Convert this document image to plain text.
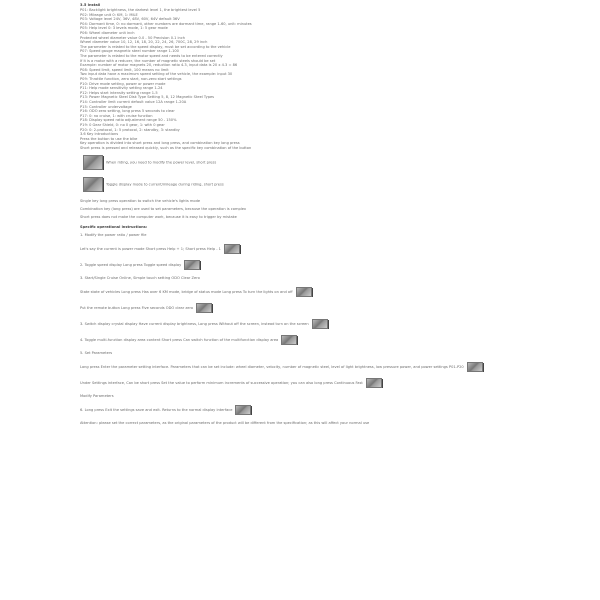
3.5 Install
P01: Backlight brightness, the darkest level 1, the brightest level 5
P02: Mileage unit 0: KM, 1: MILE
P03: Voltage level 24V, 36V, 48V, 60V, 64V default 36V
P04: Dormant time, 0: no dormant, other numbers are dormant time, range 1-60, unit: minutes
P05: Help level 0: 3 levels mode, 1: 5 gear mode
P06: Wheel diameter unit inch
Protected wheel diameter value 0.0 - 50 Precision 0.1 inch
Wheel diameter value 10, 12, 16, 18, 20, 22, 24, 26, 700C, 28, 29 inch
The parameter is related to the speed display, must be set according to the vehicle
P07: Speed gauge magnetic steel number range 1-100
The parameter is related to the motor speed and needs to be entered correctly
If it is a motor with a reducer, the number of magnetic steels should be set
Example: number of motor magnets 20, reduction ratio 4.3, input data is 20 x 4.3 = 86
P08: Speed limit, speed limit, 100 means no limit
Two input data have a maximum speed setting of the vehicle, the example: input 30
P09: Throttle function, zero start, non-zero start settings
P10: Drive mode setting, power or power mode
P11: Help mode sensitivity setting range 1-24
P12: Helps start intensity setting range 1-5
P13: Power Magnetic Steel Disk Type Setting 5, 8, 12 Magnetic Steel Types
P14: Controller limit current default value 12A range 1-20A
P15: Controller undervoltage
P16: ODO zero setting, long press 5 seconds to clear
P17: 0: no cruise, 1: with cruise function
P18: Display speed ratio adjustment range 50 - 150%
P19: 0 Gear Shield, 0: no 0 gear, 1: with 0 gear
P20: 0: 2-protocol, 1: 5 protocol, 2: standby, 3: standby
3.6 Key introductions
Press the button to use the bike
Key operation is divided into short press and long press, and combination key long press
Short press is pressed and released quickly, such as the specific key combination of the button
When riding, you need to modify the power level, short press
Toggle display mode to current/mileage during riding, short press
Single key long press operation to switch the vehicle's lights mode
Combination key (long press) are used to set parameters, because the operation is complex
Short press does not make the computer work, because it is easy to trigger by mistake
Specific operational instructions:
1. Modify the power ratio / power file
Let's say the current is power mode Short press Help + 1; Short press Help - 1
2. Toggle speed display Long press Toggle speed display
3. Start/Single Cruise Online, Simple touch setting ODO Clear Zero
State state of vehicles Long press Has over 6 KM mode, bridge of status mode Long press To turn the lights on and off
Put the remote button Long press Five seconds ODO clear zero
3. Switch display crystal display Have current display brightness, Long press Without off the screen, instead turn on the screen
4. Toggle multi-function display area content Short press Can switch function of the multifunction display area
5. Set Parameters
Long press Enter the parameter setting interface. Parameters that can be set include: wheel diameter, velocity, number of magnetic steel, level of light brightness, low pressure power, and power settings P01-P20
Under Settings interface, Can be short press Set the value to perform minimum increments of successive operation; you can also long press Continuous Fast
Modify Parameters
6. Long press Exit the settings save and exit. Returns to the normal display interface
Attention: please set the correct parameters, as the original parameters of the product will be different from the specification; as this will affect your normal use
